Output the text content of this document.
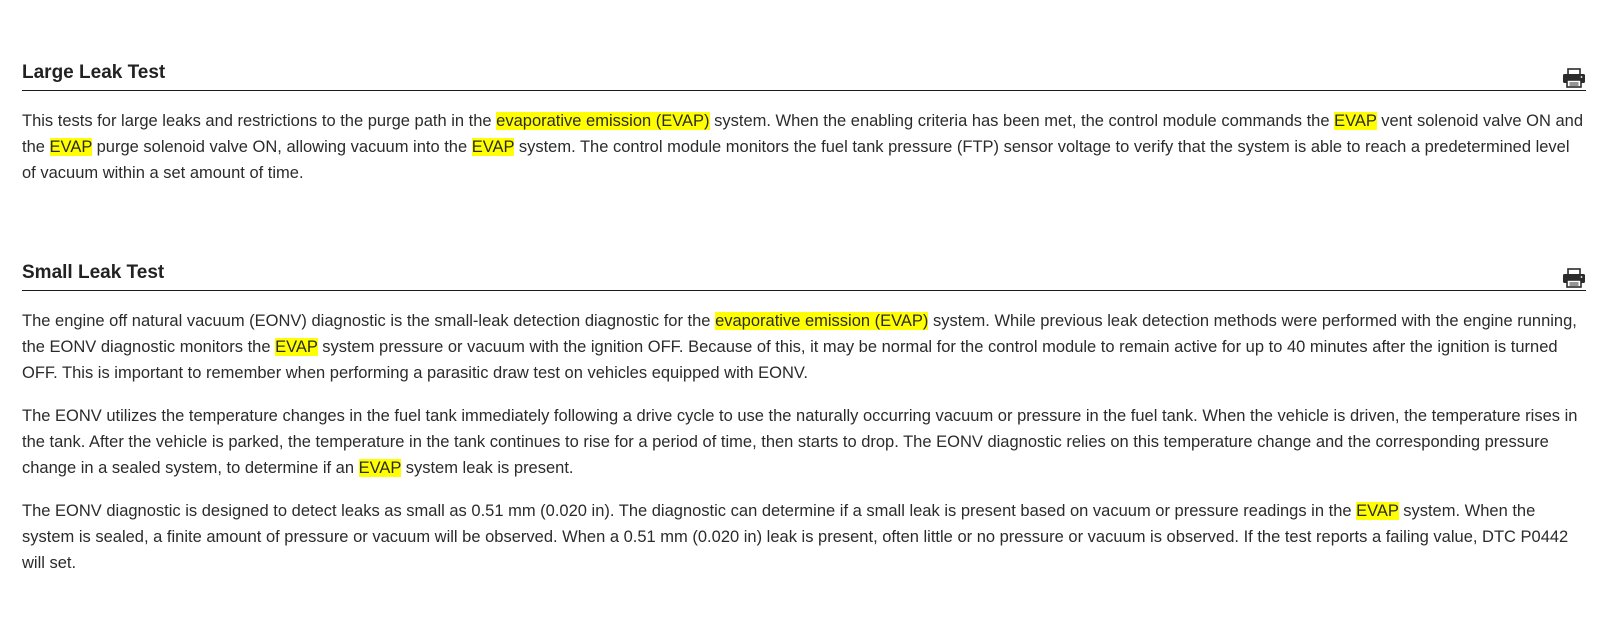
Large Leak Test

This tests for large leaks and restrictions to the purge path in the evaporative emission (EVAP) system. When the enabling criteria has been met, the control module commands the EVAP vent solenoid valve ON and the EVAP purge solenoid valve ON, allowing vacuum into the EVAP system. The control module monitors the fuel tank pressure (FTP) sensor voltage to verify that the system is able to reach a predetermined level of vacuum within a set amount of time.

Small Leak Test

The engine off natural vacuum (EONV) diagnostic is the small-leak detection diagnostic for the evaporative emission (EVAP) system. While previous leak detection methods were performed with the engine running, the EONV diagnostic monitors the EVAP system pressure or vacuum with the ignition OFF. Because of this, it may be normal for the control module to remain active for up to 40 minutes after the ignition is turned OFF. This is important to remember when performing a parasitic draw test on vehicles equipped with EONV.

The EONV utilizes the temperature changes in the fuel tank immediately following a drive cycle to use the naturally occurring vacuum or pressure in the fuel tank. When the vehicle is driven, the temperature rises in the tank. After the vehicle is parked, the temperature in the tank continues to rise for a period of time, then starts to drop. The EONV diagnostic relies on this temperature change and the corresponding pressure change in a sealed system, to determine if an EVAP system leak is present.

The EONV diagnostic is designed to detect leaks as small as 0.51 mm (0.020 in). The diagnostic can determine if a small leak is present based on vacuum or pressure readings in the EVAP system. When the system is sealed, a finite amount of pressure or vacuum will be observed. When a 0.51 mm (0.020 in) leak is present, often little or no pressure or vacuum is observed. If the test reports a failing value, DTC P0442 will set.
